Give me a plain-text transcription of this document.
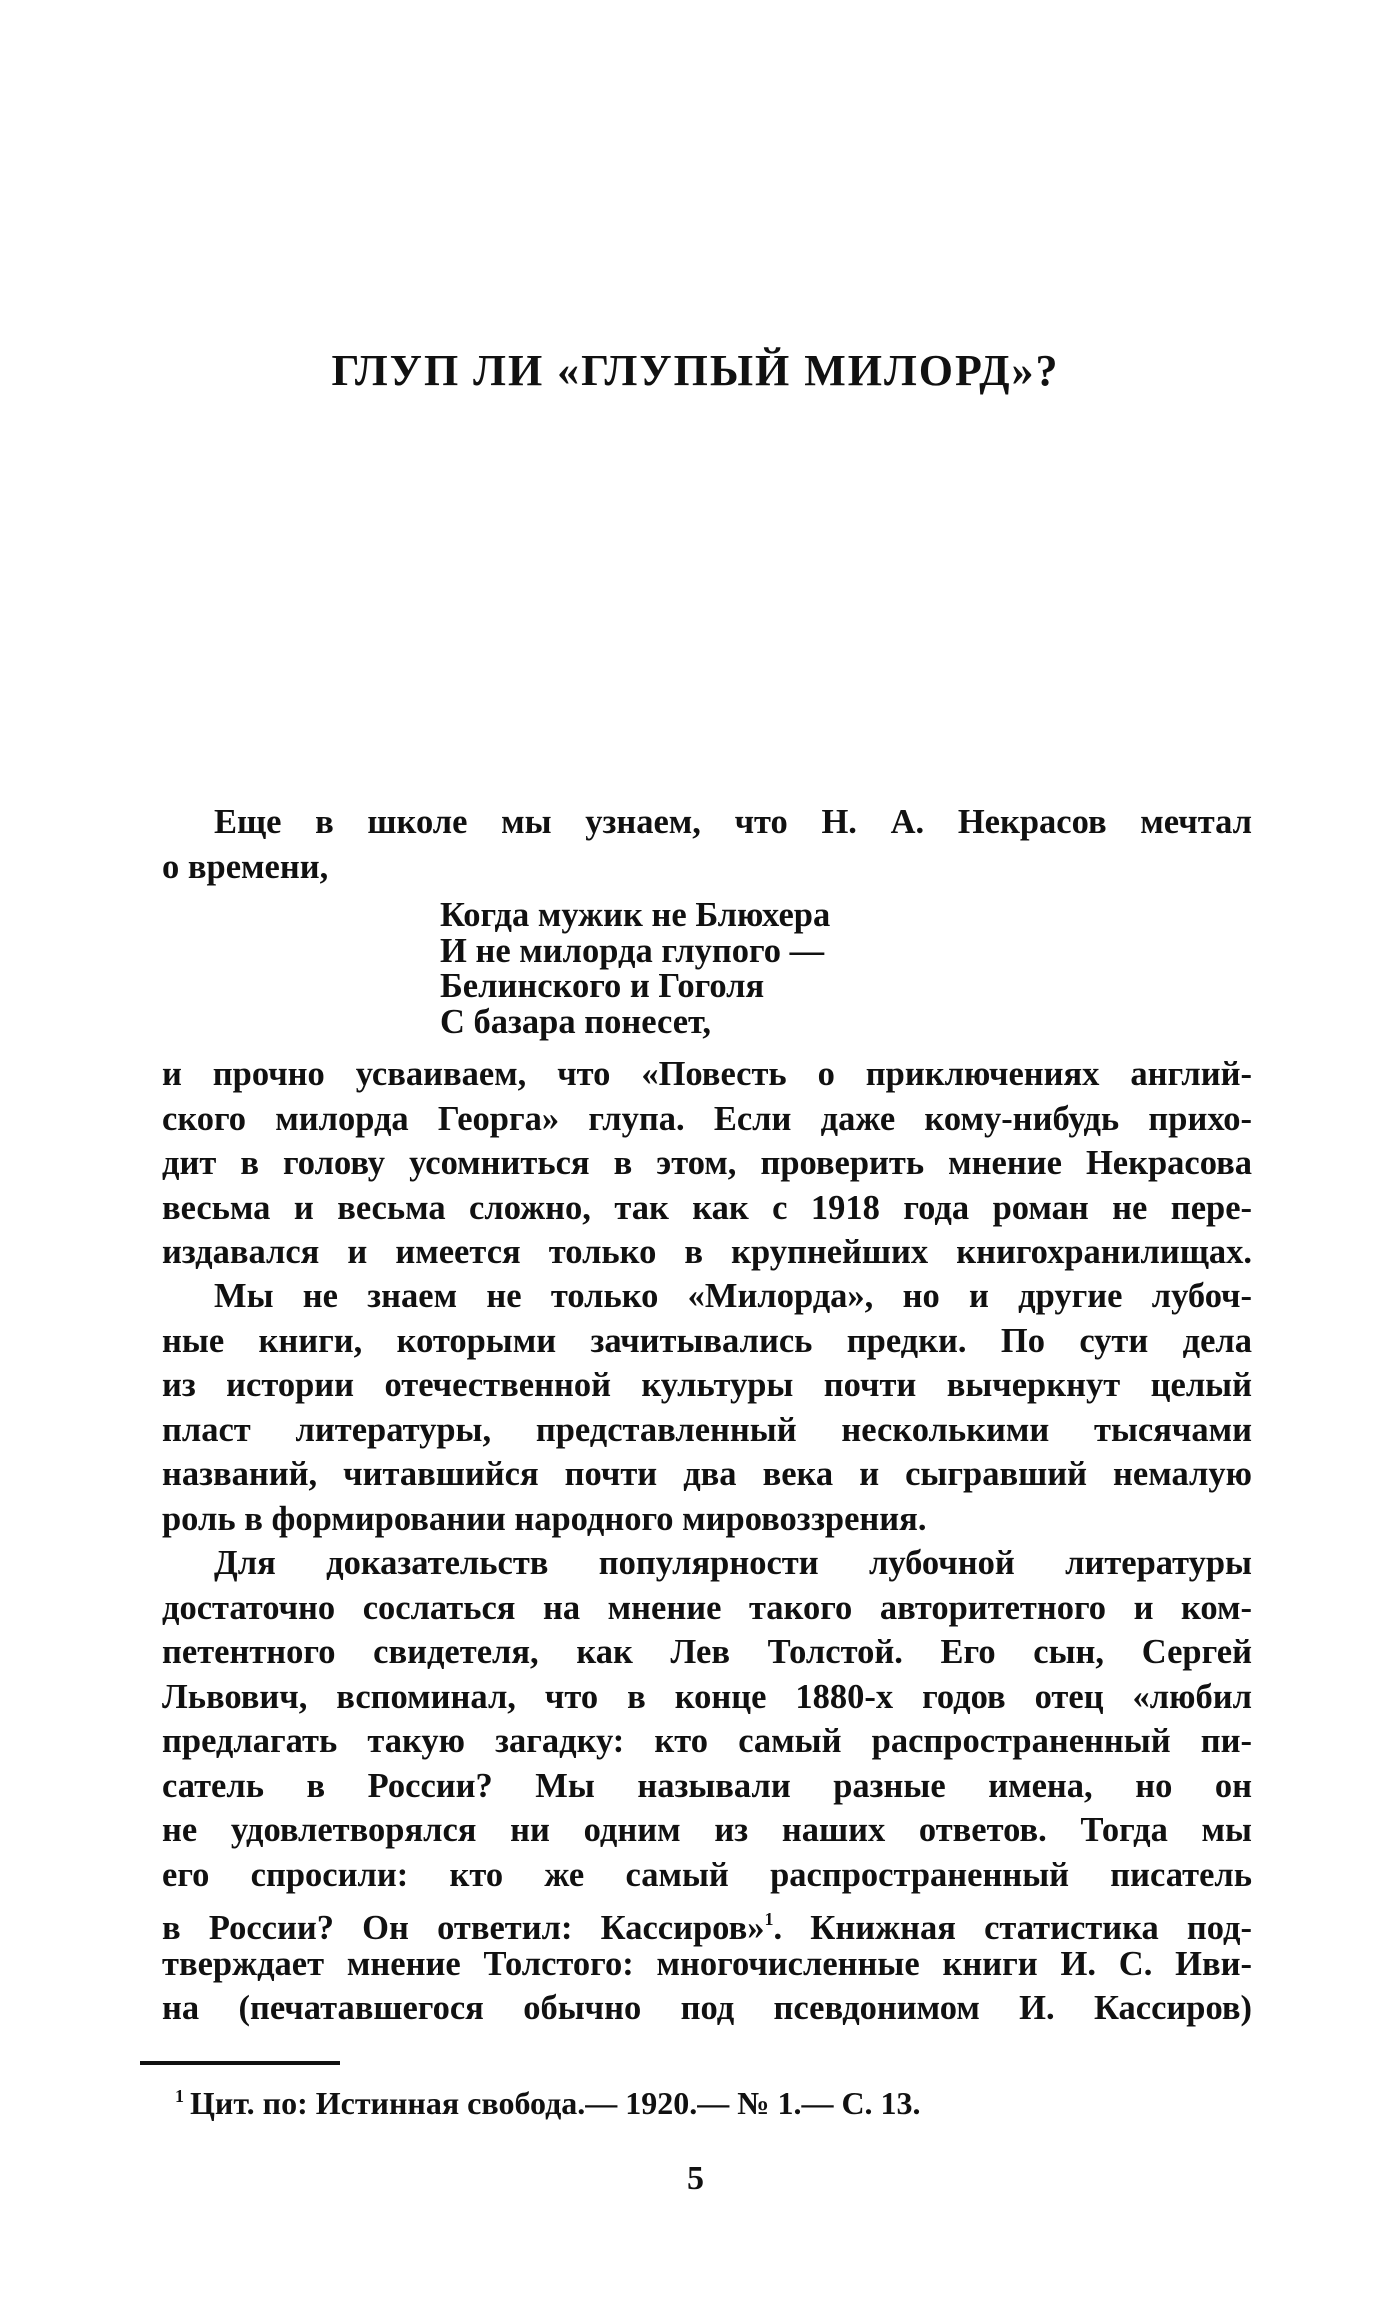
ГЛУП ЛИ «ГЛУПЫЙ МИЛОРД»?
Еще в школе мы узнаем, что Н. А. Некрасов мечтал
о времени,
Когда мужик не Блюхера
И не милорда глупого —
Белинского и Гоголя
С базара понесет,
и прочно усваиваем, что «Повесть о приключениях англий-
ского милорда Георга» глупа. Если даже кому-нибудь прихо-
дит в голову усомниться в этом, проверить мнение Некрасова
весьма и весьма сложно, так как с 1918 года роман не пере-
издавался и имеется только в крупнейших книгохранилищах.
Мы не знаем не только «Милорда», но и другие лубоч-
ные книги, которыми зачитывались предки. По сути дела
из истории отечественной культуры почти вычеркнут целый
пласт литературы, представленный несколькими тысячами
названий, читавшийся почти два века и сыгравший немалую
роль в формировании народного мировоззрения.
Для доказательств популярности лубочной литературы
достаточно сослаться на мнение такого авторитетного и ком-
петентного свидетеля, как Лев Толстой. Его сын, Сергей
Львович, вспоминал, что в конце 1880-х годов отец «любил
предлагать такую загадку: кто самый распространенный пи-
сатель в России? Мы называли разные имена, но он
не удовлетворялся ни одним из наших ответов. Тогда мы
его спросили: кто же самый распространенный писатель
в России? Он ответил: Кассиров»$^1$. Книжная статистика под-
тверждает мнение Толстого: многочисленные книги И. С. Иви-
на (печатавшегося обычно под псевдонимом И. Кассиров)
$^1$ Цит. по: Истинная свобода.— 1920.— № 1.— С. 13.
5
